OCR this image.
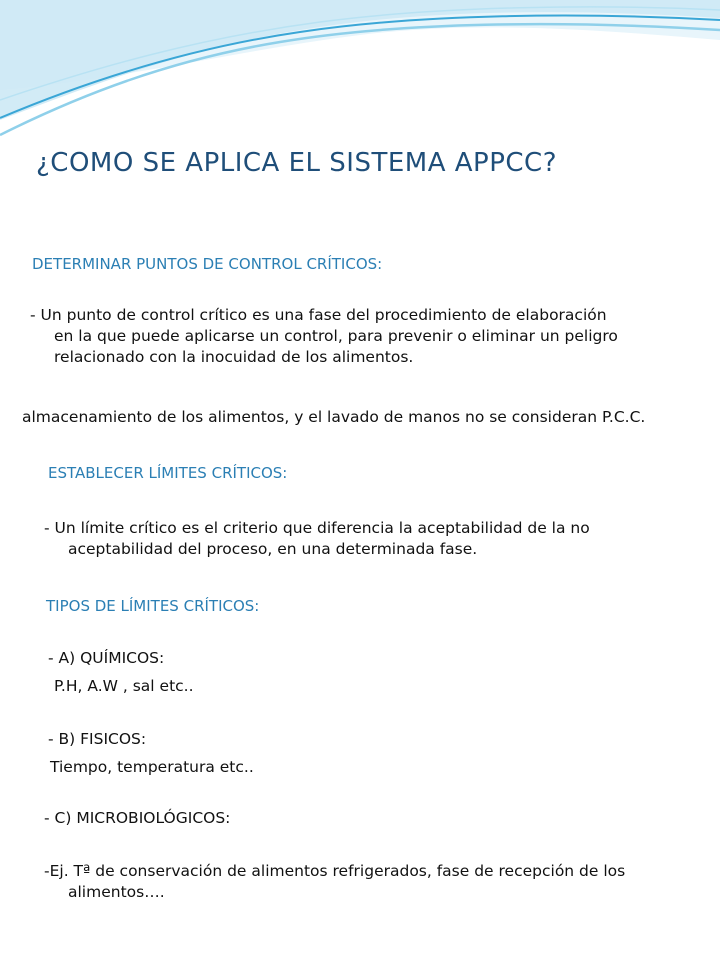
¿COMO SE APLICA EL SISTEMA APPCC?
DETERMINAR PUNTOS DE CONTROL CRÍTICOS:
- Un punto de control crítico es una fase del procedimiento de elaboración
en la que puede aplicarse un control, para prevenir o eliminar un peligro
relacionado con la inocuidad de los alimentos.
almacenamiento de los alimentos, y el lavado de manos no se consideran P.C.C.
ESTABLECER LÍMITES CRÍTICOS:
- Un límite crítico es el criterio que diferencia la aceptabilidad de la no
aceptabilidad del proceso, en una determinada fase.
TIPOS DE LÍMITES CRÍTICOS:
- A) QUÍMICOS:
P.H, A.W , sal etc..
- B) FISICOS:
Tiempo, temperatura etc..
- C) MICROBIOLÓGICOS:
-Ej. Tª de conservación de alimentos refrigerados, fase de recepción de los
alimentos….
